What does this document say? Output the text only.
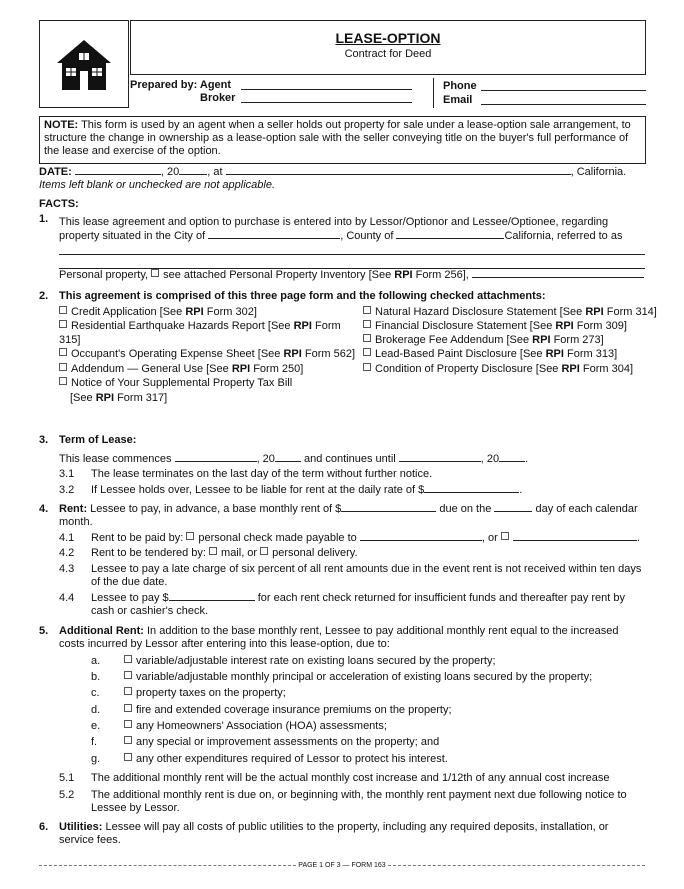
LEASE-OPTION
Contract for Deed
Prepared by: Agent
Broker
Phone
Email
NOTE: This form is used by an agent when a seller holds out property for sale under a lease-option sale arrangement, to structure the change in ownership as a lease-option sale with the seller conveying title on the buyer's full performance of the lease and exercise of the option.
DATE:	, 20	, at	, California.
Items left blank or unchecked are not applicable.
FACTS:
1. This lease agreement and option to purchase is entered into by Lessor/Optionor and Lessee/Optionee, regarding
property situated in the City of	, County of	California, referred to as
Personal property, see attached Personal Property Inventory [See RPI Form 256],
2. This agreement is comprised of this three page form and the following checked attachments:
Credit Application [See RPI Form 302]
Residential Earthquake Hazards Report [See RPI Form
315]
Occupant's Operating Expense Sheet [See RPI Form 562]
Addendum — General Use [See RPI Form 250]
Notice of Your Supplemental Property Tax Bill
[See RPI Form 317]
Natural Hazard Disclosure Statement [See RPI Form 314]
Financial Disclosure Statement [See RPI Form 309]
Brokerage Fee Addendum [See RPI Form 273]
Lead-Based Paint Disclosure [See RPI Form 313]
Condition of Property Disclosure [See RPI Form 304]
3. Term of Lease:
This lease commences	, 20	and continues until	, 20 .
3.1 The lease terminates on the last day of the term without further notice.
3.2 If Lessee holds over, Lessee to be liable for rent at the daily rate of $	.
4. Rent: Lessee to pay, in advance, a base monthly rent of $	due on the	day of each calendar
month.
4.1 Rent to be paid by: personal check made payable to	, or	.
4.2 Rent to be tendered by: mail, or personal delivery.
4.3 Lessee to pay a late charge of six percent of all rent amounts due in the event rent is not received within ten days
of the due date.
4.4 Lessee to pay $	for each rent check returned for insufficient funds and thereafter pay rent by
cash or cashier's check.
5. Additional Rent: In addition to the base monthly rent, Lessee to pay additional monthly rent equal to the increased
costs incurred by Lessor after entering into this lease-option, due to:
a.	variable/adjustable interest rate on existing loans secured by the property;
b.	variable/adjustable monthly principal or acceleration of existing loans secured by the property;
c.	property taxes on the property;
d.	fire and extended coverage insurance premiums on the property;
e.	any Homeowners' Association (HOA) assessments;
f.	any special or improvement assessments on the property; and
g.	any other expenditures required of Lessor to protect his interest.
5.1 The additional monthly rent will be the actual monthly cost increase and 1/12th of any annual cost increase
5.2 The additional monthly rent is due on, or beginning with, the monthly rent payment next due following notice to
Lessee by Lessor.
6. Utilities: Lessee will pay all costs of public utilities to the property, including any required deposits, installation, or
service fees.
PAGE 1 OF 3 — FORM 163
